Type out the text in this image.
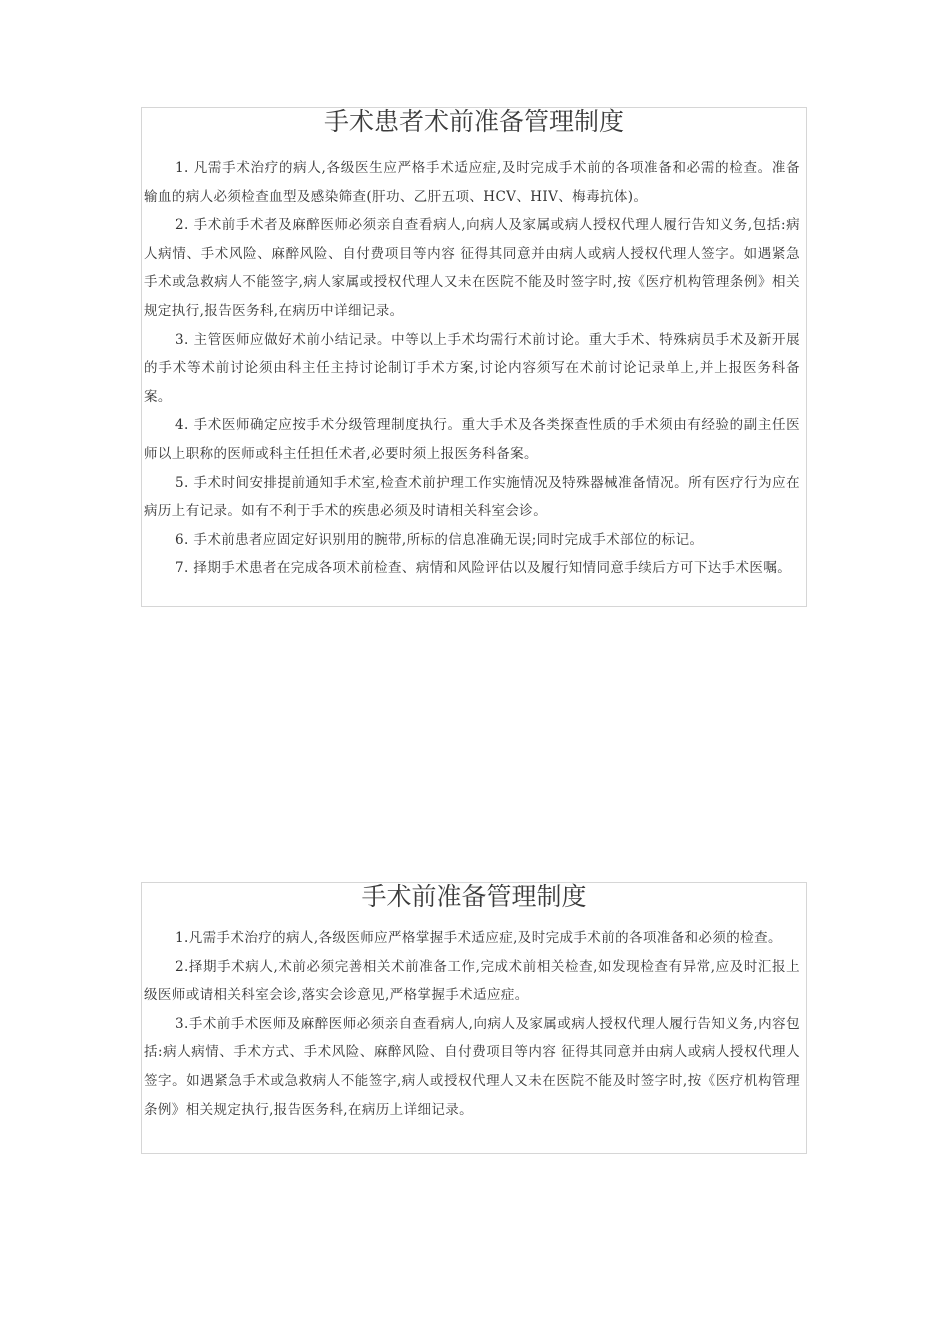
手术患者术前准备管理制度

1. 凡需手术治疗的病人,各级医生应严格手术适应症,及时完成手术前的各项准备和必需的检查。准备输血的病人必须检查血型及感染筛查(肝功、乙肝五项、HCV、HIV、梅毒抗体)。

2. 手术前手术者及麻醉医师必须亲自查看病人,向病人及家属或病人授权代理人履行告知义务,包括:病人病情、手术风险、麻醉风险、自付费项目等内容 征得其同意并由病人或病人授权代理人签字。如遇紧急手术或急救病人不能签字,病人家属或授权代理人又未在医院不能及时签字时,按《医疗机构管理条例》相关规定执行,报告医务科,在病历中详细记录。

3. 主管医师应做好术前小结记录。中等以上手术均需行术前讨论。重大手术、特殊病员手术及新开展的手术等术前讨论须由科主任主持讨论制订手术方案,讨论内容须写在术前讨论记录单上,并上报医务科备案。

4. 手术医师确定应按手术分级管理制度执行。重大手术及各类探查性质的手术须由有经验的副主任医师以上职称的医师或科主任担任术者,必要时须上报医务科备案。

5. 手术时间安排提前通知手术室,检查术前护理工作实施情况及特殊器械准备情况。所有医疗行为应在病历上有记录。如有不利于手术的疾患必须及时请相关科室会诊。

6. 手术前患者应固定好识别用的腕带,所标的信息准确无误;同时完成手术部位的标记。

7. 择期手术患者在完成各项术前检查、病情和风险评估以及履行知情同意手续后方可下达手术医嘱。

手术前准备管理制度

1.凡需手术治疗的病人,各级医师应严格掌握手术适应症,及时完成手术前的各项准备和必须的检查。

2.择期手术病人,术前必须完善相关术前准备工作,完成术前相关检查,如发现检查有异常,应及时汇报上级医师或请相关科室会诊,落实会诊意见,严格掌握手术适应症。

3.手术前手术医师及麻醉医师必须亲自查看病人,向病人及家属或病人授权代理人履行告知义务,内容包括:病人病情、手术方式、手术风险、麻醉风险、自付费项目等内容 征得其同意并由病人或病人授权代理人签字。如遇紧急手术或急救病人不能签字,病人或授权代理人又未在医院不能及时签字时,按《医疗机构管理条例》相关规定执行,报告医务科,在病历上详细记录。
